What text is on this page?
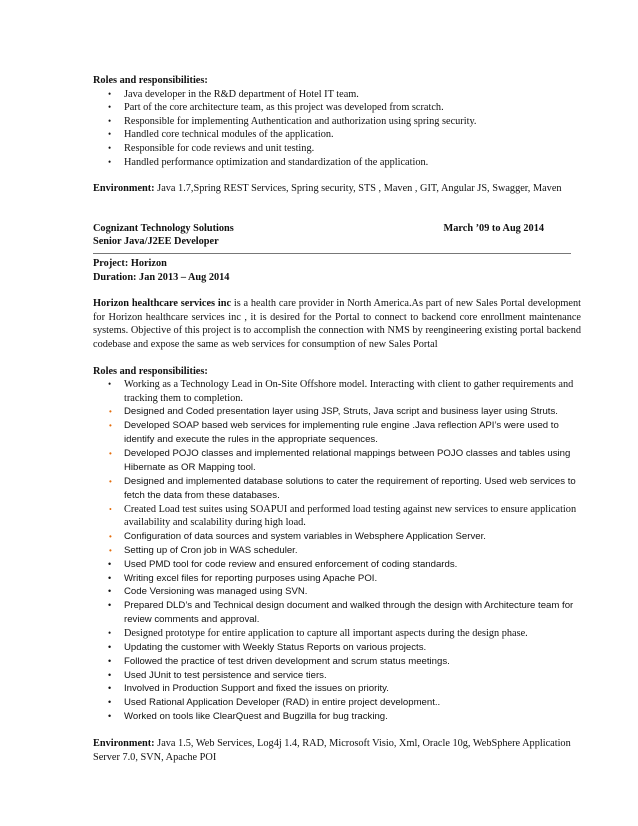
Roles and responsibilities:

• Java developer in the R&D department of Hotel IT team.
• Part of the core architecture team, as this project was developed from scratch.
• Responsible for implementing Authentication and authorization using spring security.
• Handled core technical modules of the application.
• Responsible for code reviews and unit testing.
• Handled performance optimization and standardization of the application.

Environment: Java 1.7,Spring REST Services, Spring security, STS , Maven , GIT, Angular JS, Swagger, Maven

Cognizant Technology Solutions	March ’09 to Aug 2014

Senior Java/J2EE Developer

Project: Horizon

Duration: Jan 2013 – Aug 2014

Horizon healthcare services inc is a health care provider in North America.As part of new Sales Portal development for Horizon healthcare services inc , it is desired for the Portal to connect to backend core enrollment maintenance systems. Objective of this project is to accomplish the connection with NMS by reengineering existing portal backend codebase and expose the same as web services for consumption of new Sales Portal

Roles and responsibilities:

• Working as a Technology Lead in On-Site Offshore model. Interacting with client to gather requirements and tracking them to completion.
• Designed and Coded presentation layer using JSP, Struts, Java script and business layer using Struts.
• Developed SOAP based web services for implementing rule engine .Java reflection API’s were used to identify and execute the rules in the appropriate sequences.
• Developed POJO classes and implemented relational mappings between POJO classes and tables using Hibernate as OR Mapping tool.
• Designed and implemented database solutions to cater the requirement of reporting. Used web services to fetch the data from these databases.
• Created Load test suites using SOAPUI and performed load testing against new services to ensure application availability and scalability during high load.
• Configuration of data sources and system variables in Websphere Application Server.
• Setting up of Cron job in WAS scheduler.
• Used PMD tool for code review and ensured enforcement of coding standards.
• Writing excel files for reporting purposes using Apache POI.
• Code Versioning was managed using SVN.
• Prepared DLD’s and Technical design document and walked through the design with Architecture team for review comments and approval.
• Designed prototype for entire application to capture all important aspects during the design phase.
• Updating the customer with Weekly Status Reports on various projects.
• Followed the practice of test driven development and scrum status meetings.
• Used JUnit to test persistence and service tiers.
• Involved in Production Support and fixed the issues on priority.
• Used Rational Application Developer (RAD) in entire project development..
• Worked on tools like ClearQuest and Bugzilla for bug tracking.

Environment: Java 1.5, Web Services, Log4j 1.4, RAD, Microsoft Visio, Xml, Oracle 10g, WebSphere Application Server 7.0, SVN, Apache POI
